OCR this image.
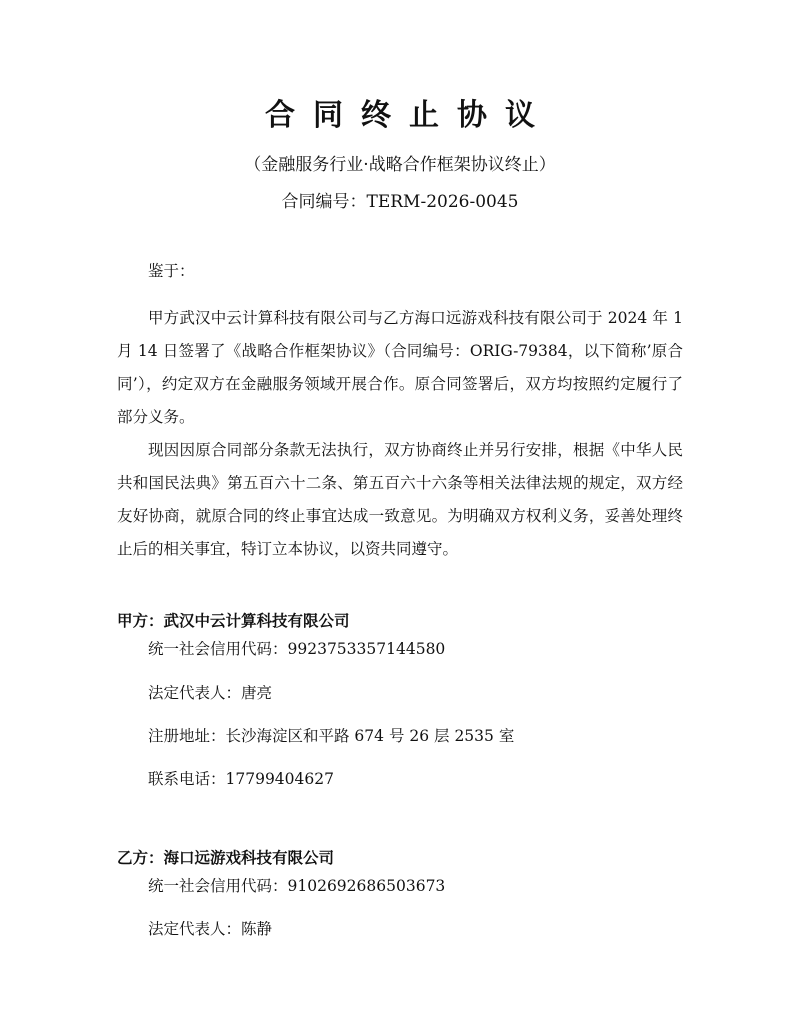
合同终止协议
（金融服务行业·战略合作框架协议终止）
合同编号：TERM-2026-0045
鉴于：
甲方武汉中云计算科技有限公司与乙方海口远游戏科技有限公司于 2024 年 1 月 14 日签署了《战略合作框架协议》（合同编号：ORIG-79384，以下简称’原合同’），约定双方在金融服务领域开展合作。原合同签署后，双方均按照约定履行了部分义务。
现因因原合同部分条款无法执行，双方协商终止并另行安排，根据《中华人民共和国民法典》第五百六十二条、第五百六十六条等相关法律法规的规定，双方经友好协商，就原合同的终止事宜达成一致意见。为明确双方权利义务，妥善处理终止后的相关事宜，特订立本协议，以资共同遵守。
甲方：武汉中云计算科技有限公司
统一社会信用代码：9923753357144580
法定代表人：唐亮
注册地址：长沙海淀区和平路 674 号 26 层 2535 室
联系电话：17799404627
乙方：海口远游戏科技有限公司
统一社会信用代码：9102692686503673
法定代表人：陈静
